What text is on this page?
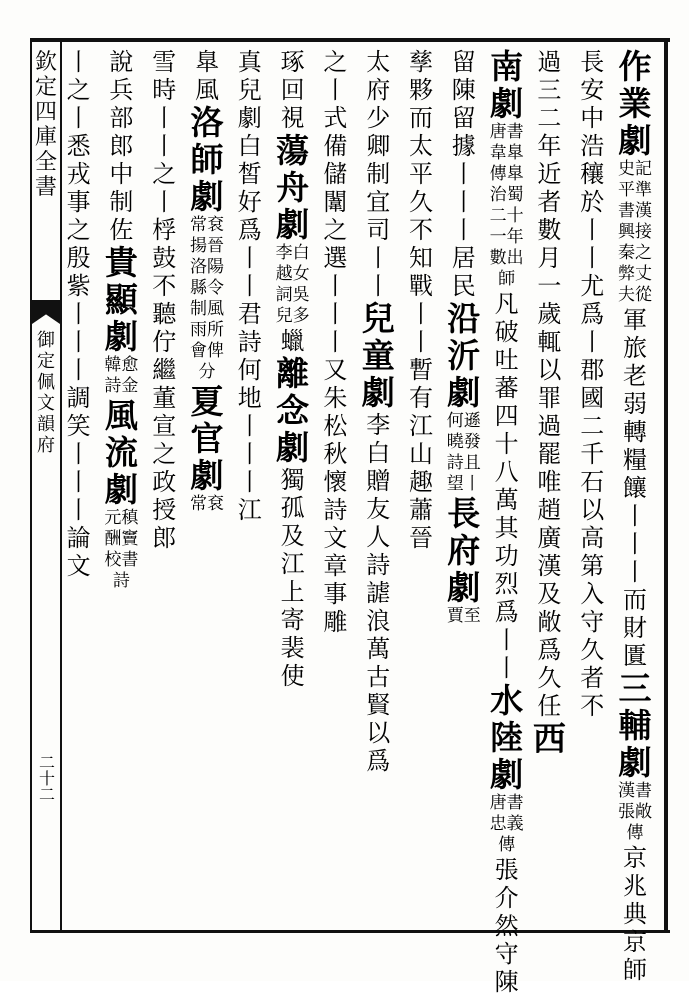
欽定四庫全書
御定佩文韻府
二十二
作業劇
史記平準書漢興接秦之弊丈夫從
軍旅老弱轉糧饟丨丨丨而財匱
三輔劇
漢書張敞傳
京兆典京師
長安中浩穰於丨丨尤爲丨郡國二千石以高第入守久者不
過三二年近者數月一歲輒以罪過罷唯趙廣漢及敞爲久任
西
南劇
唐書韋臯傳臯治蜀二十一年數出師
凡破吐蕃四十八萬其功烈爲丨丨
水陸劇
唐書忠義傳
張介然守陳
留陳留據丨丨丨居民
沿沂劇
何遜曉發詩且望丨
長府劇
賈至
孳夥而太平久不知戰丨丨暫有江山趣
蕭晉
太府少卿制宜司丨丨
兒童劇
李白贈友人詩謔浪萬古賢以爲
之丨式備儲闈之選丨丨丨又朱松秋懷詩文章事雕
琢回視
蕩舟劇
李白越女詞吳兒多
蠟
離念劇
獨孤及江上寄裴使
真兒劇白皙好爲丨丨
君詩何地丨丨丨江
臯風
洛師劇
常袞揚晉洛陽縣令制風雨所會俾分
夏官劇
常袞
雪時丨丨之丨桴鼓不聽佇繼董宣之政
授郎
說兵部郎中制佐
貴顯劇
韓愈詩金
風流劇
元稹酬竇校書詩
丨之丨悉戎事之殷紫丨丨丨調笑丨丨丨論文
